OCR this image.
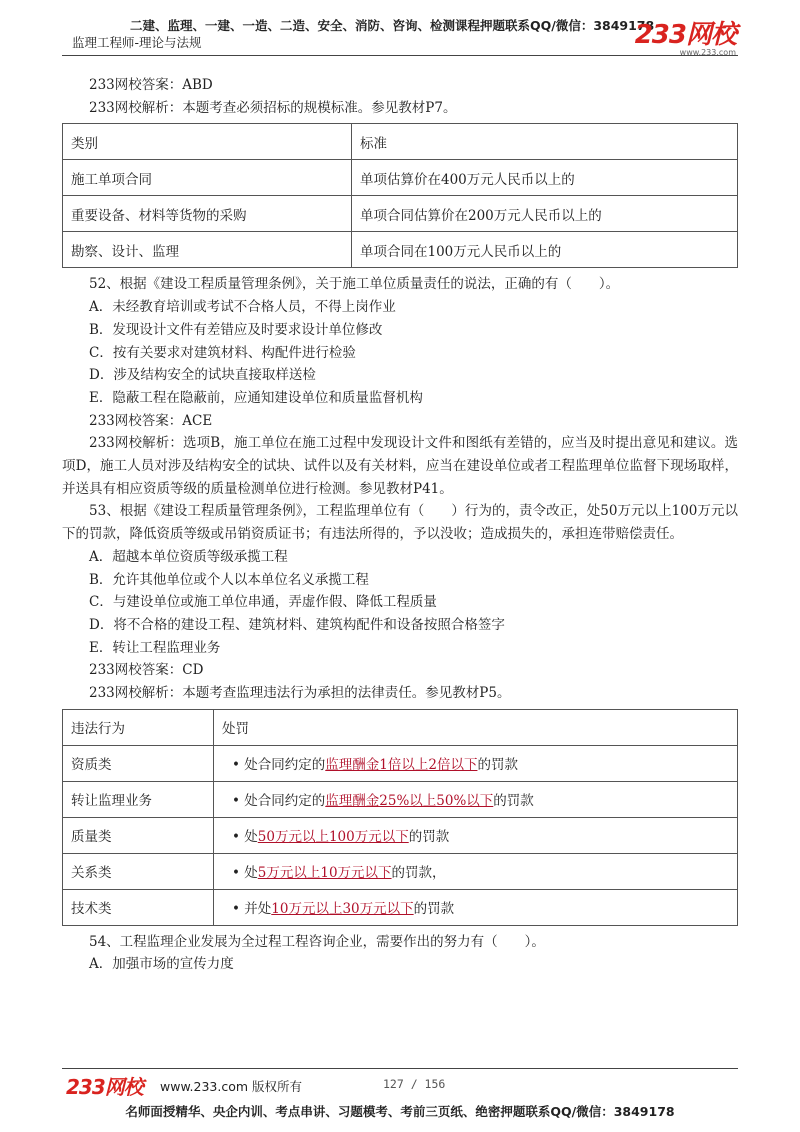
二建、监理、一建、一造、二造、安全、消防、咨询、检测课程押题联系QQ/微信：3849178
监理工程师-理论与法规	233网校
www.233.com

233网校答案：ABD

233网校解析：本题考查必须招标的规模标准。参见教材P7。

类别	标准
施工单项合同	单项估算价在400万元人民币以上的
重要设备、材料等货物的采购	单项合同估算价在200万元人民币以上的
勘察、设计、监理	单项合同在100万元人民币以上的

52、根据《建设工程质量管理条例》，关于施工单位质量责任的说法，正确的有（　　）。

A．未经教育培训或考试不合格人员，不得上岗作业

B．发现设计文件有差错应及时要求设计单位修改

C．按有关要求对建筑材料、构配件进行检验

D．涉及结构安全的试块直接取样送检

E．隐蔽工程在隐蔽前，应通知建设单位和质量监督机构

233网校答案：ACE

233网校解析：选项B，施工单位在施工过程中发现设计文件和图纸有差错的，应当及时提出意见和建议。选项D，施工人员对涉及结构安全的试块、试件以及有关材料，应当在建设单位或者工程监理单位监督下现场取样，并送具有相应资质等级的质量检测单位进行检测。参见教材P41。

53、根据《建设工程质量管理条例》，工程监理单位有（　　）行为的，责令改正，处50万元以上100万元以下的罚款，降低资质等级或吊销资质证书；有违法所得的，予以没收；造成损失的，承担连带赔偿责任。

A．超越本单位资质等级承揽工程

B．允许其他单位或个人以本单位名义承揽工程

C．与建设单位或施工单位串通，弄虚作假、降低工程质量

D．将不合格的建设工程、建筑材料、建筑构配件和设备按照合格签字

E．转让工程监理业务

233网校答案：CD

233网校解析：本题考查监理违法行为承担的法律责任。参见教材P5。

违法行为	处罚
资质类	• 处合同约定的监理酬金1倍以上2倍以下的罚款
转让监理业务	• 处合同约定的监理酬金25%以上50%以下的罚款
质量类	• 处50万元以上100万元以下的罚款
关系类	• 处5万元以上10万元以下的罚款，
技术类	• 并处10万元以上30万元以下的罚款

54、工程监理企业发展为全过程工程咨询企业，需要作出的努力有（　　）。

A．加强市场的宣传力度

233网校 www.233.com 版权所有	127 / 156
名师面授精华、央企内训、考点串讲、习题模考、考前三页纸、绝密押题联系QQ/微信：3849178
